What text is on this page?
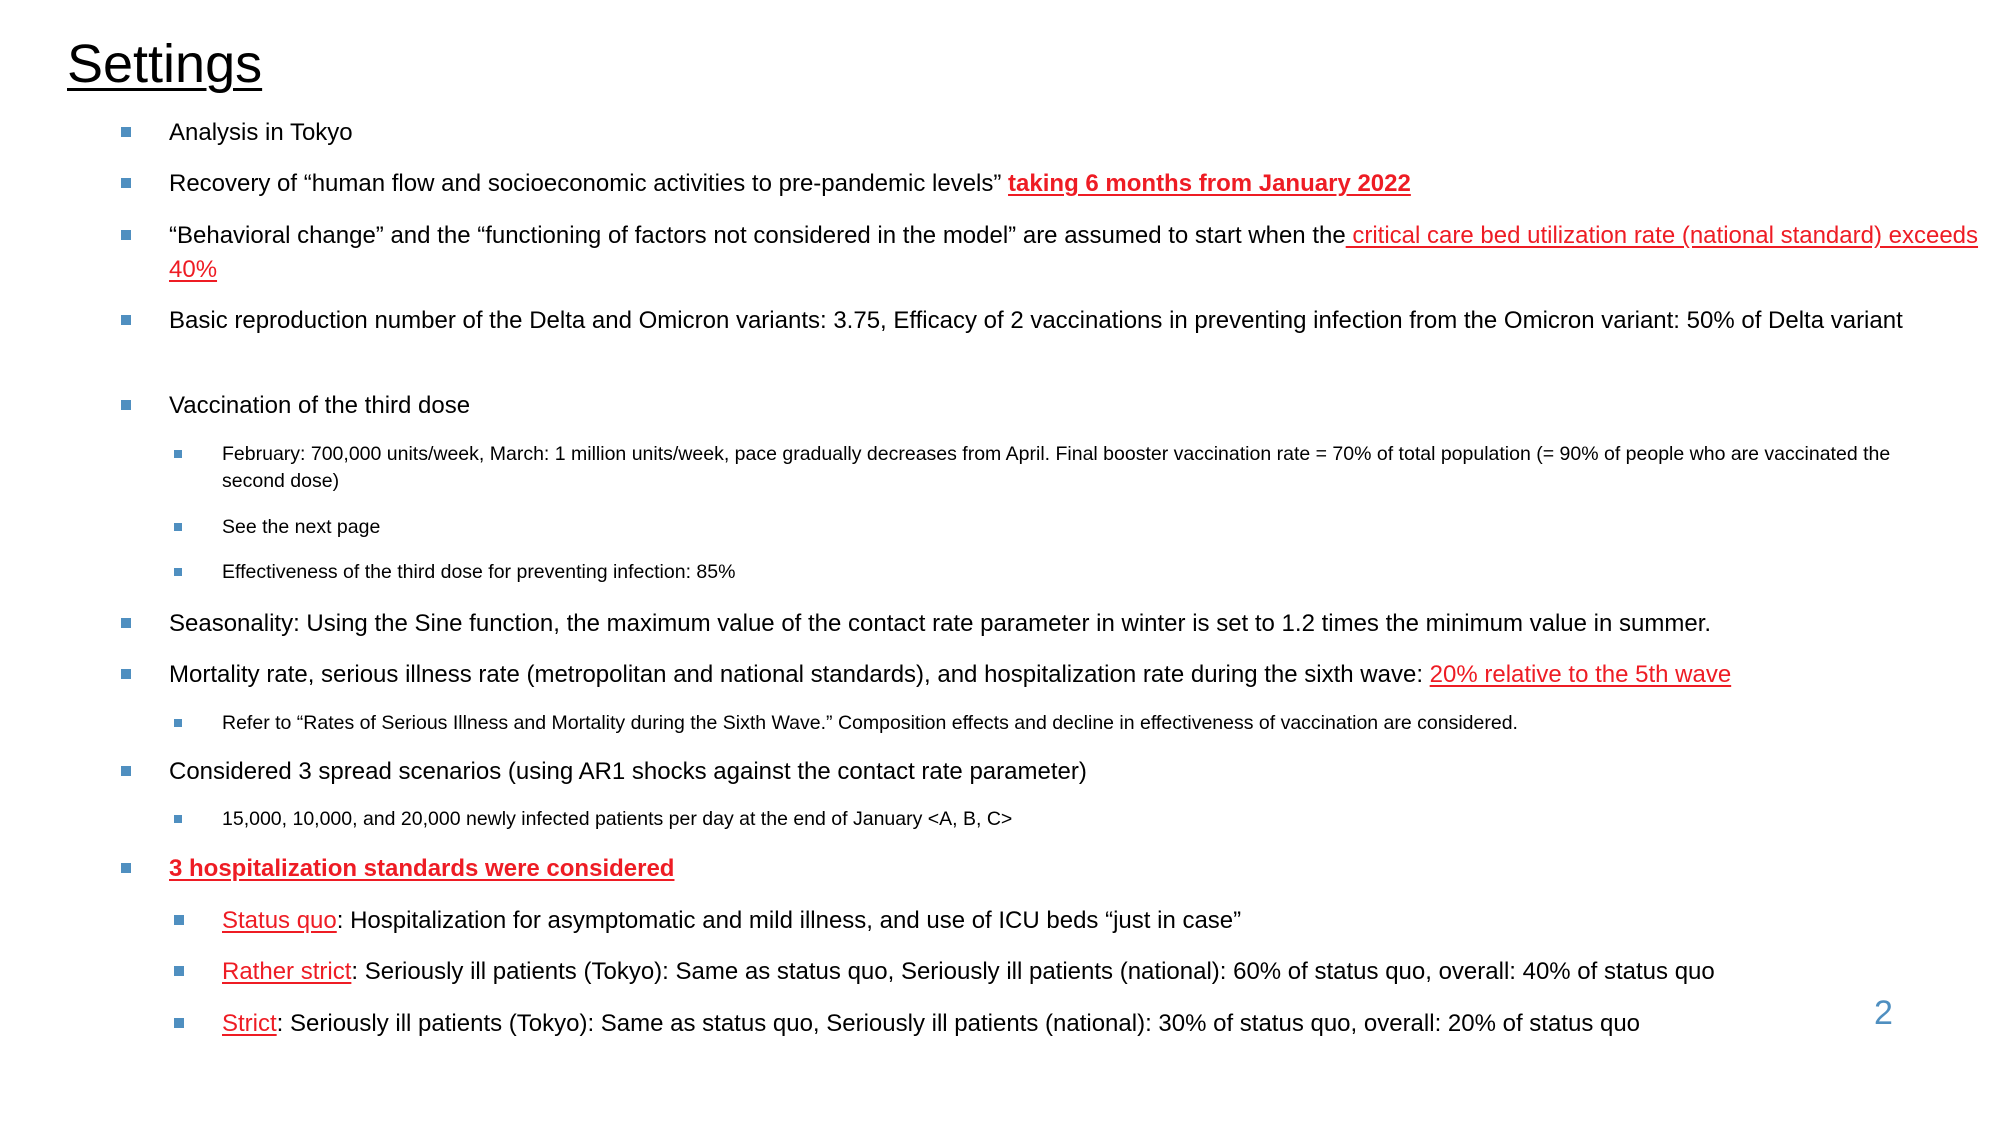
Settings
Analysis in Tokyo
Recovery of “human flow and socioeconomic activities to pre-pandemic levels” taking 6 months from January 2022
“Behavioral change” and the “functioning of factors not considered in the model” are assumed to start when the critical care bed utilization rate (national standard) exceeds 40%
Basic reproduction number of the Delta and Omicron variants: 3.75, Efficacy of 2 vaccinations in preventing infection from the Omicron variant: 50% of Delta variant
Vaccination of the third dose
February: 700,000 units/week, March: 1 million units/week, pace gradually decreases from April. Final booster vaccination rate = 70% of total population (= 90% of people who are vaccinated the second dose)
See the next page
Effectiveness of the third dose for preventing infection: 85%
Seasonality: Using the Sine function, the maximum value of the contact rate parameter in winter is set to 1.2 times the minimum value in summer.
Mortality rate, serious illness rate (metropolitan and national standards), and hospitalization rate during the sixth wave: 20% relative to the 5th wave
Refer to “Rates of Serious Illness and Mortality during the Sixth Wave.” Composition effects and decline in effectiveness of vaccination are considered.
Considered 3 spread scenarios (using AR1 shocks against the contact rate parameter)
15,000, 10,000, and 20,000 newly infected patients per day at the end of January <A, B, C>
3 hospitalization standards were considered
Status quo: Hospitalization for asymptomatic and mild illness, and use of ICU beds “just in case”
Rather strict: Seriously ill patients (Tokyo): Same as status quo, Seriously ill patients (national): 60% of status quo, overall: 40% of status quo
Strict: Seriously ill patients (Tokyo): Same as status quo, Seriously ill patients (national): 30% of status quo, overall: 20% of status quo	2
